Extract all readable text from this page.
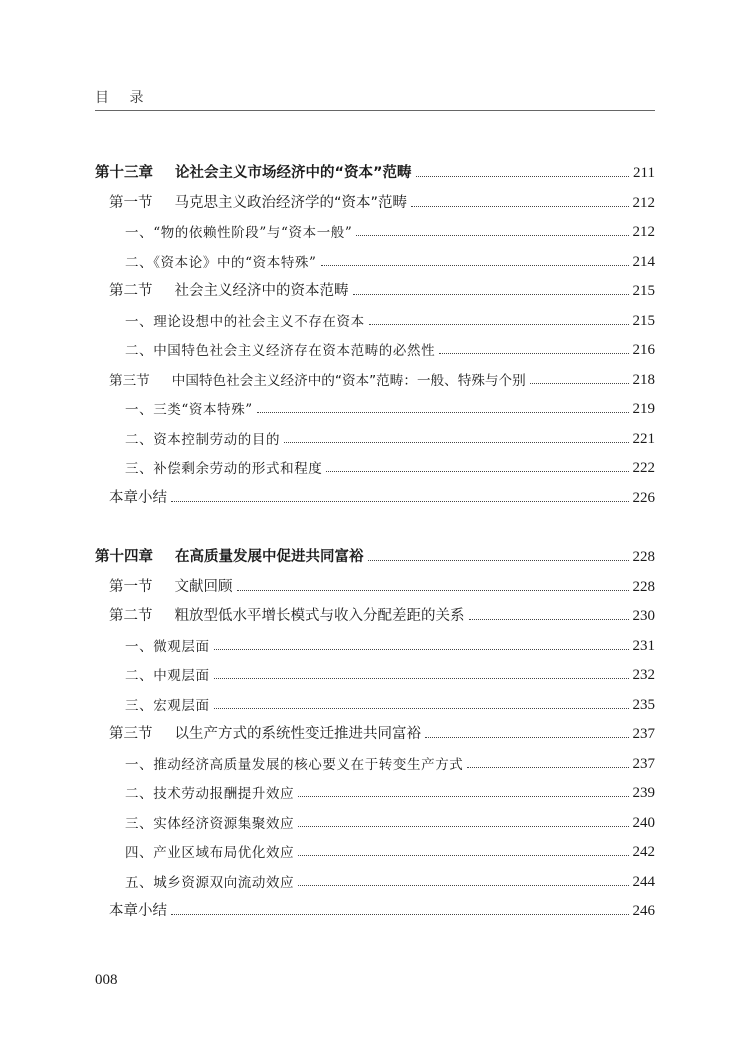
目 录
第十三章 论社会主义市场经济中的“资本”范畴	211
第一节 马克思主义政治经济学的“资本”范畴	212
一、“物的依赖性阶段”与“资本一般”	212
二、《资本论》中的“资本特殊”	214
第二节 社会主义经济中的资本范畴	215
一、理论设想中的社会主义不存在资本	215
二、中国特色社会主义经济存在资本范畴的必然性	216
第三节 中国特色社会主义经济中的“资本”范畴：一般、特殊与个别	218
一、三类“资本特殊”	219
二、资本控制劳动的目的	221
三、补偿剩余劳动的形式和程度	222
本章小结	226
第十四章 在高质量发展中促进共同富裕	228
第一节 文献回顾	228
第二节 粗放型低水平增长模式与收入分配差距的关系	230
一、微观层面	231
二、中观层面	232
三、宏观层面	235
第三节 以生产方式的系统性变迁推进共同富裕	237
一、推动经济高质量发展的核心要义在于转变生产方式	237
二、技术劳动报酬提升效应	239
三、实体经济资源集聚效应	240
四、产业区域布局优化效应	242
五、城乡资源双向流动效应	244
本章小结	246
008
